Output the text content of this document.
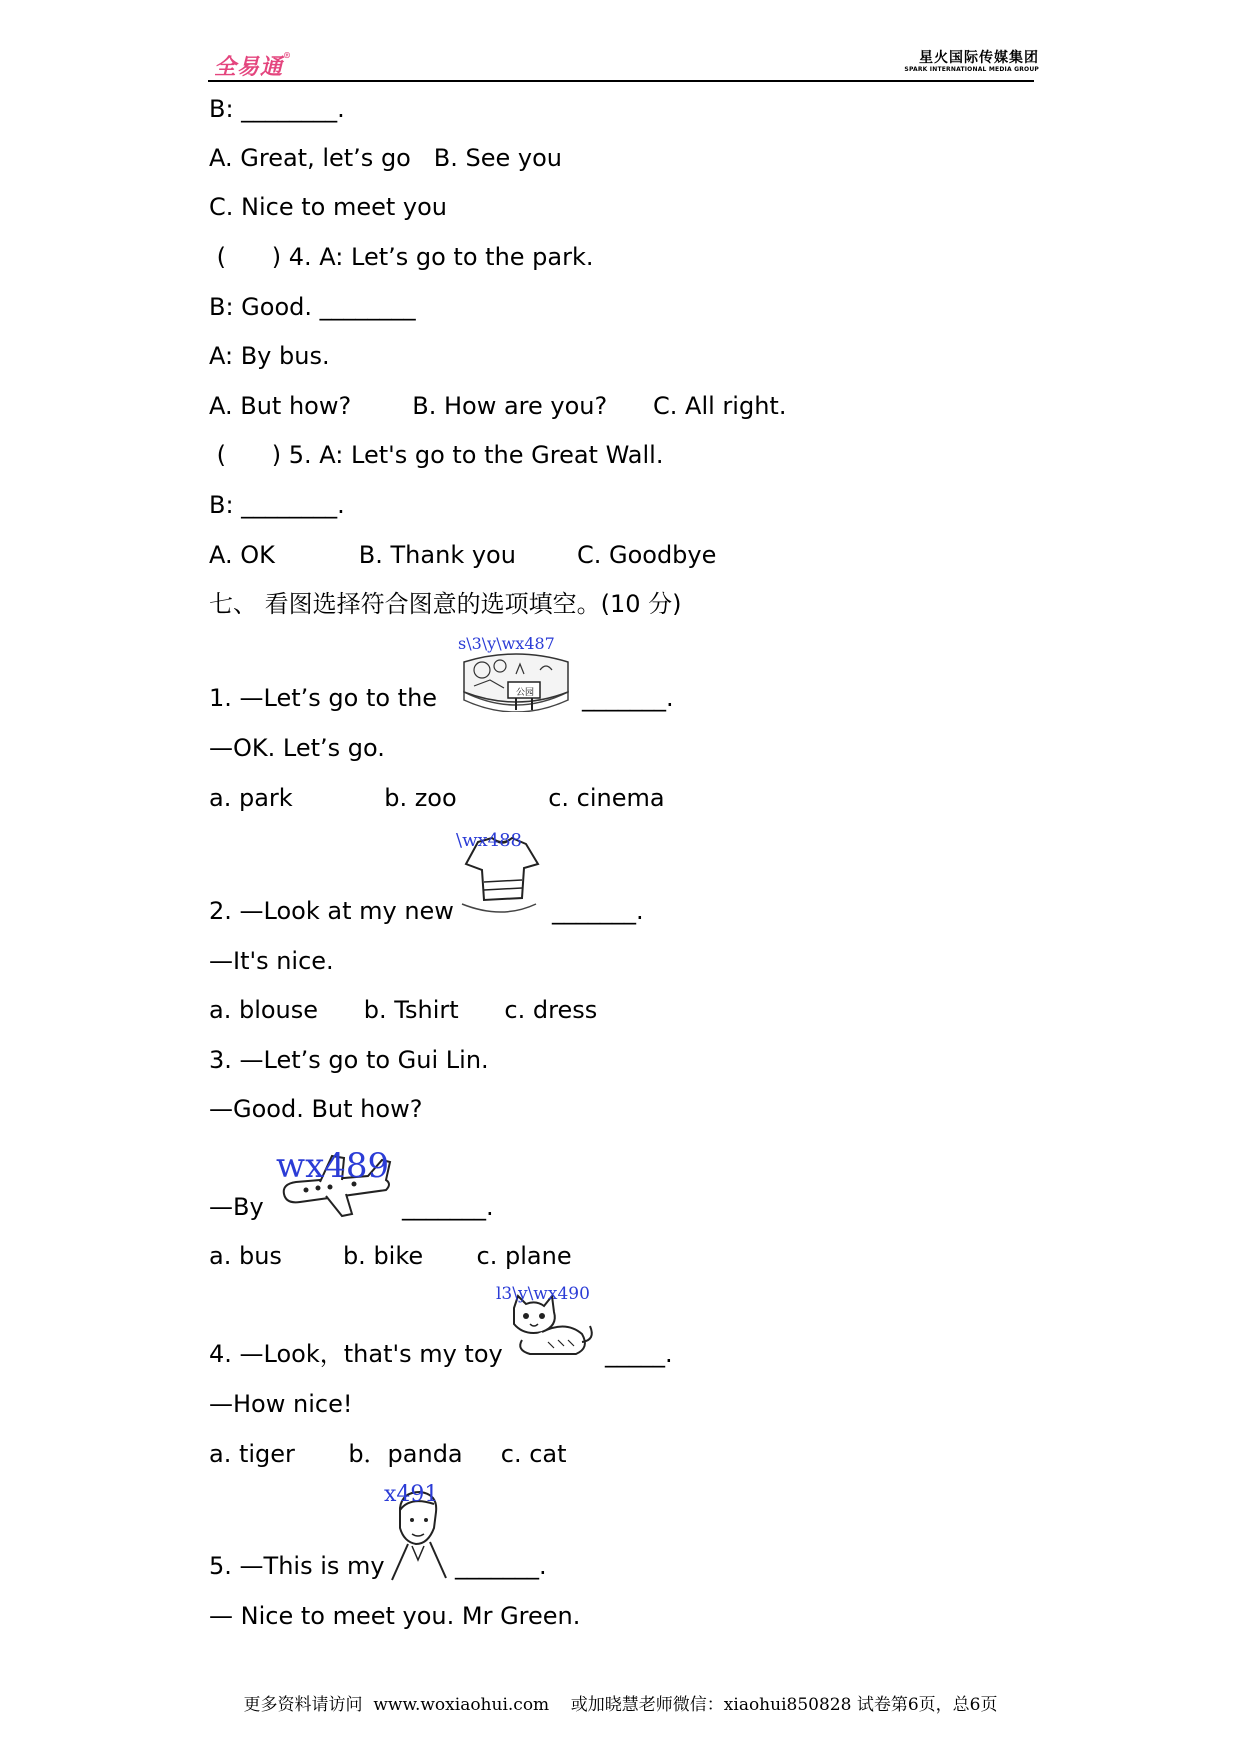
全易通®	星火国际传媒集团
SPARK INTERNATIONAL MEDIA GROUP
B: ________.
A. Great, let’s go   B. See you
C. Nice to meet you
(      ) 4. A: Let’s go to the park.
B: Good. ________
A: By bus.
A. But how?        B. How are you?      C. All right.
(      ) 5. A: Let's go to the Great Wall.
B: ________.
A. OK           B. Thank you        C. Goodbye
七、 看图选择符合图意的选项填空。(10 分)
1. —Let’s go to the	_______.
—OK. Let’s go.
a. park            b. zoo            c. cinema
2. —Look at my new	_______.
—It's nice.
a. blouse      b. Tshirt      c. dress
3. —Let’s go to Gui Lin.
—Good. But how?
—By	_______.
a. bus        b. bike       c. plane
4. —Look，that's my toy	_____.
—How nice!
a. tiger       b．panda     c. cat
5. —This is my	_______.
— Nice to meet you. Mr Green.
公园
s\3\y\wx487
\wx488
wx489
l3\y\wx490
x491
更多资料请访问  www.woxiaohui.com    或加晓慧老师微信：xiaohui850828 试卷第6页，总6页
